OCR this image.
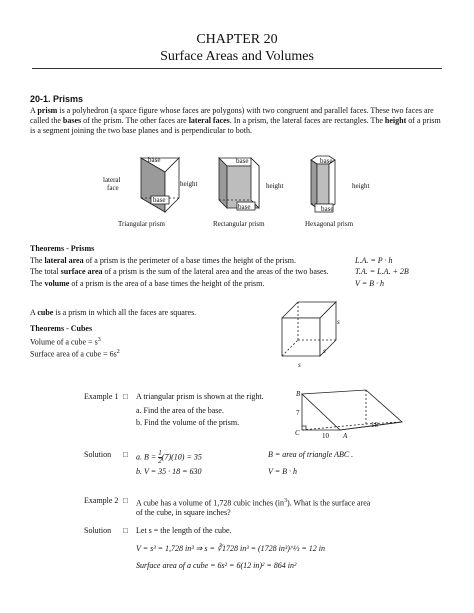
CHAPTER 20
Surface Areas and Volumes
20-1. Prisms

A prism is a polyhedron (a space figure whose faces are polygons) with two congruent and parallel faces. These two faces are called the bases of the prism. The other faces are lateral faces. In a prism, the lateral faces are rectangles. The height of a prism is a segment joining the two base planes and is perpendicular to both.

base
base
lateral
face	height
base
base
height
base
base
height
Triangular prism	Rectangular prism	Hexagonal prism
Theorems - Prisms
The lateral area of a prism is the perimeter of a base times the height of the prism.	L.A. = P · h
The total surface area of a prism is the sum of the lateral area and the areas of the two bases.	T.A. = L.A. + 2B
The volume of a prism is the area of a base times the height of the prism.	V = B · h
A cube is a prism in which all the faces are squares.
Theorems - Cubes
Volume of a cube = $s^3$
Surface area of a cube = $6s^2$
s
s
s
Example 1 □ A triangular prism is shown at the right.
a. Find the area of the base.
b. Find the volume of the prism.
B
7
C	10 A
18
Solution □ a. $B = \frac{1}{2} (7)(10) = 35$	B = area of triangle ABC .
b. V = 35 · 18 = 630	V = B · h
Example 2 □ A cube has a volume of 1,728 cubic inches $(in^3)$. What is the surface area
of the cube, in square inches?
Solution □ Let s = the length of the cube.
V = s³ = 1,728 in³ ⇒ s = ∛1728 in³ = (1728 in³)^⅓ = 12 in
Surface area of a cube = 6s² = 6(12 in)² = 864 in²
